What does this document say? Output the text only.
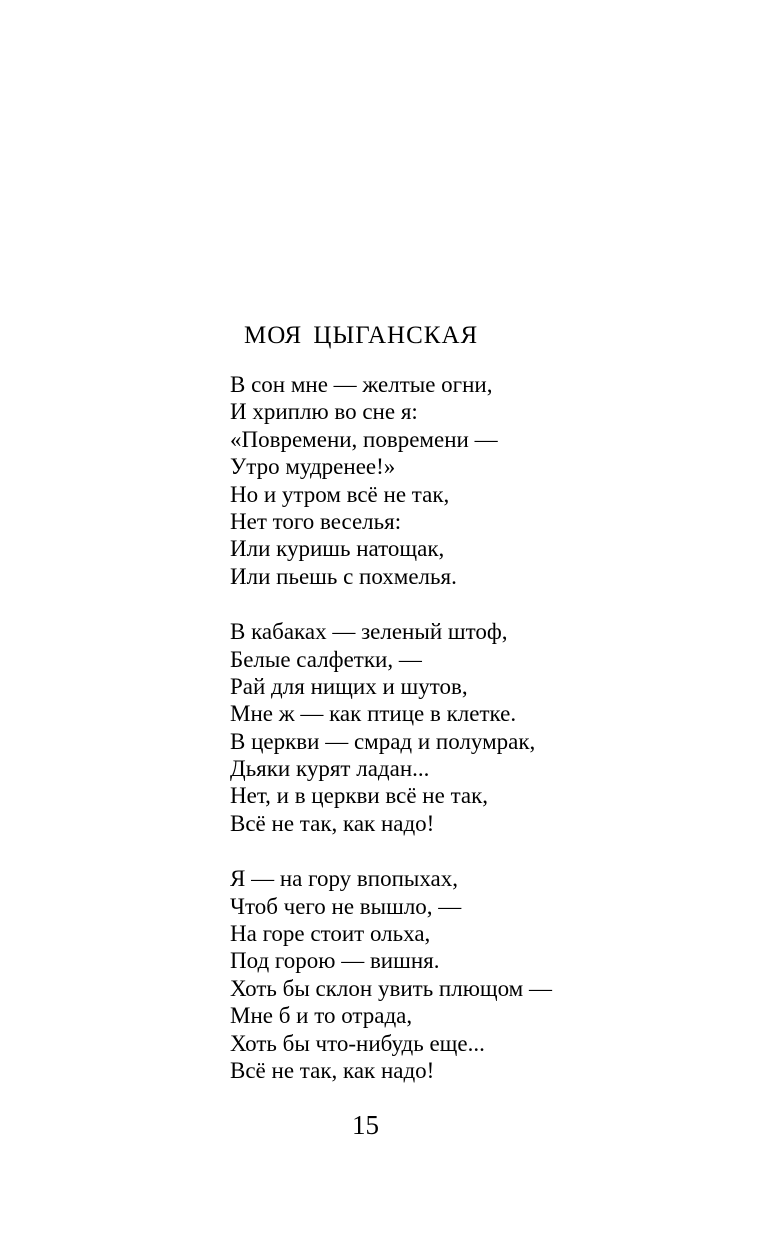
МОЯ ЦЫГАНСКАЯ
В сон мне — желтые огни,
И хриплю во сне я:
«Повремени, повремени —
Утро мудренее!»
Но и утром всё не так,
Нет того веселья:
Или куришь натощак,
Или пьешь с похмелья.
В кабаках — зеленый штоф,
Белые салфетки, —
Рай для нищих и шутов,
Мне ж — как птице в клетке.
В церкви — смрад и полумрак,
Дьяки курят ладан...
Нет, и в церкви всё не так,
Всё не так, как надо!
Я — на гору впопыхах,
Чтоб чего не вышло, —
На горе стоит ольха,
Под горою — вишня.
Хоть бы склон увить плющом —
Мне б и то отрада,
Хоть бы что-нибудь еще...
Всё не так, как надо!
15
